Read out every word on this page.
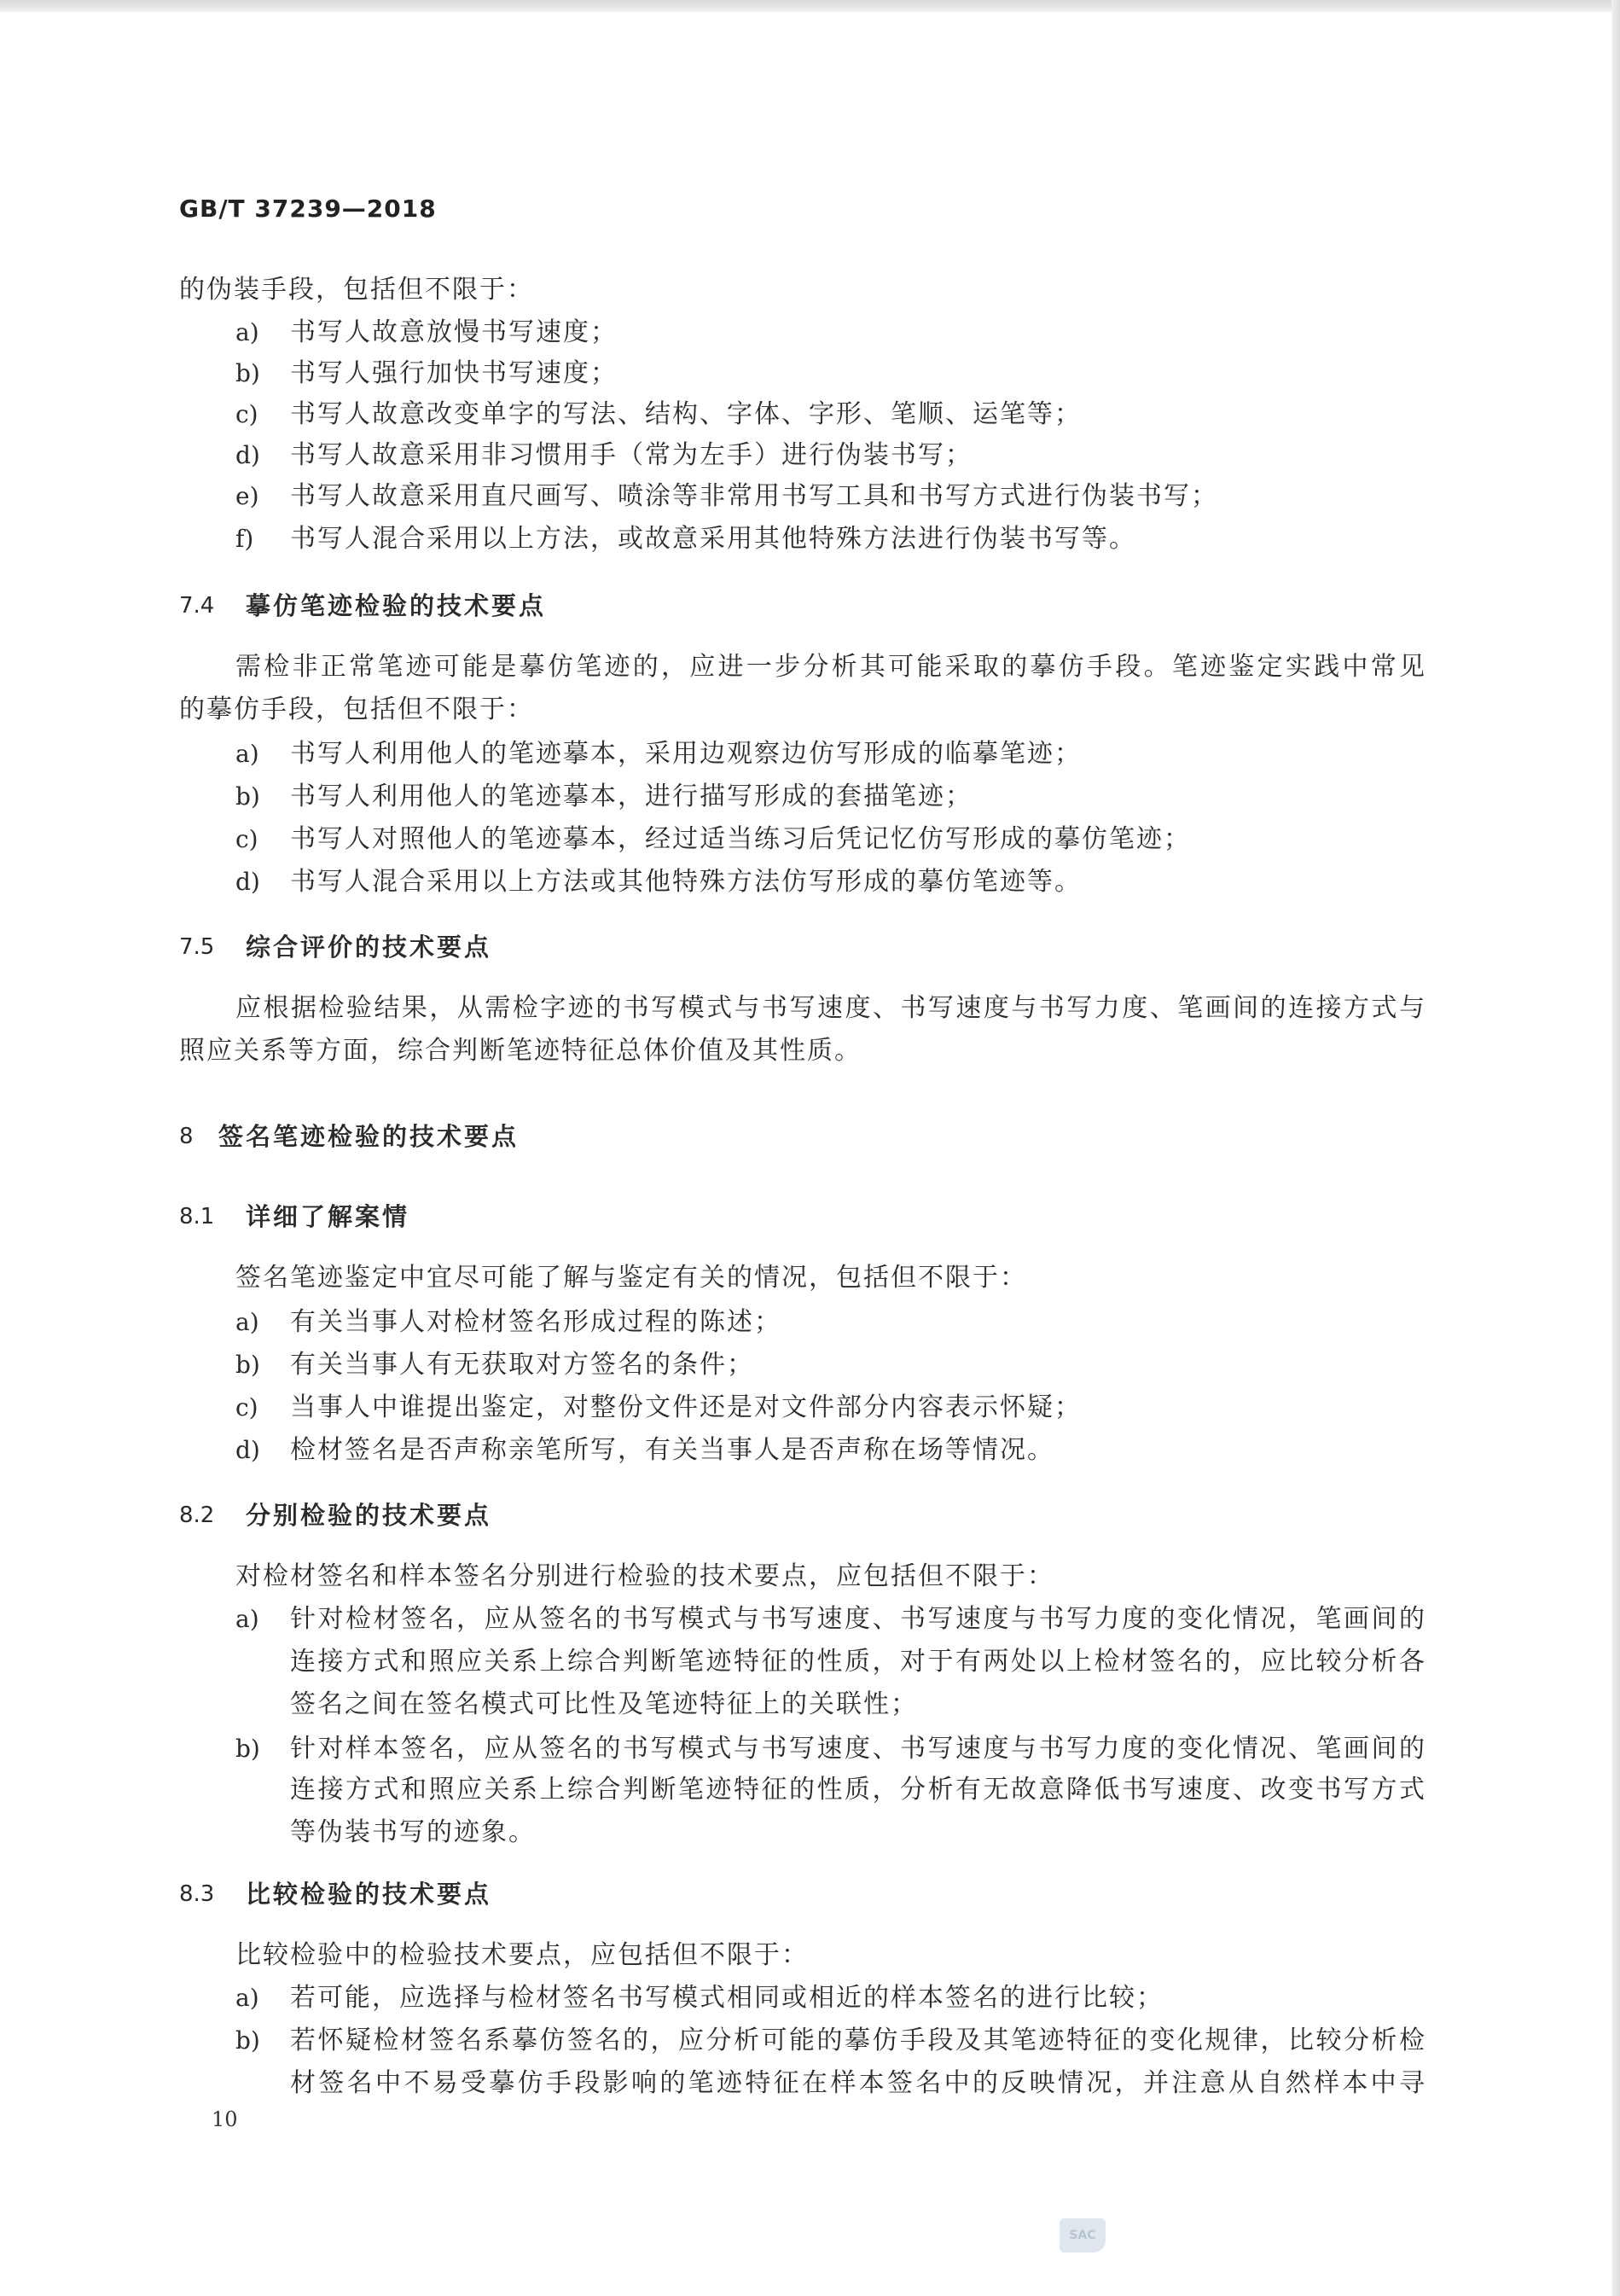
GB/T 37239—2018
的伪装手段，包括但不限于：
a) 书写人故意放慢书写速度；
b) 书写人强行加快书写速度；
c) 书写人故意改变单字的写法、结构、字体、字形、笔顺、运笔等；
d) 书写人故意采用非习惯用手（常为左手）进行伪装书写；
e) 书写人故意采用直尺画写、喷涂等非常用书写工具和书写方式进行伪装书写；
f) 书写人混合采用以上方法，或故意采用其他特殊方法进行伪装书写等。
7.4 摹仿笔迹检验的技术要点
需检非正常笔迹可能是摹仿笔迹的，应进一步分析其可能采取的摹仿手段。笔迹鉴定实践中常见
的摹仿手段，包括但不限于：
a) 书写人利用他人的笔迹摹本，采用边观察边仿写形成的临摹笔迹；
b) 书写人利用他人的笔迹摹本，进行描写形成的套描笔迹；
c) 书写人对照他人的笔迹摹本，经过适当练习后凭记忆仿写形成的摹仿笔迹；
d) 书写人混合采用以上方法或其他特殊方法仿写形成的摹仿笔迹等。
7.5 综合评价的技术要点
应根据检验结果，从需检字迹的书写模式与书写速度、书写速度与书写力度、笔画间的连接方式与
照应关系等方面，综合判断笔迹特征总体价值及其性质。
8 签名笔迹检验的技术要点
8.1 详细了解案情
签名笔迹鉴定中宜尽可能了解与鉴定有关的情况，包括但不限于：
a) 有关当事人对检材签名形成过程的陈述；
b) 有关当事人有无获取对方签名的条件；
c) 当事人中谁提出鉴定，对整份文件还是对文件部分内容表示怀疑；
d) 检材签名是否声称亲笔所写，有关当事人是否声称在场等情况。
8.2 分别检验的技术要点
对检材签名和样本签名分别进行检验的技术要点，应包括但不限于：
a) 针对检材签名，应从签名的书写模式与书写速度、书写速度与书写力度的变化情况，笔画间的
连接方式和照应关系上综合判断笔迹特征的性质，对于有两处以上检材签名的，应比较分析各
签名之间在签名模式可比性及笔迹特征上的关联性；
b) 针对样本签名，应从签名的书写模式与书写速度、书写速度与书写力度的变化情况、笔画间的
连接方式和照应关系上综合判断笔迹特征的性质，分析有无故意降低书写速度、改变书写方式
等伪装书写的迹象。
8.3 比较检验的技术要点
比较检验中的检验技术要点，应包括但不限于：
a) 若可能，应选择与检材签名书写模式相同或相近的样本签名的进行比较；
b) 若怀疑检材签名系摹仿签名的，应分析可能的摹仿手段及其笔迹特征的变化规律，比较分析检
材签名中不易受摹仿手段影响的笔迹特征在样本签名中的反映情况，并注意从自然样本中寻
10
SAC
